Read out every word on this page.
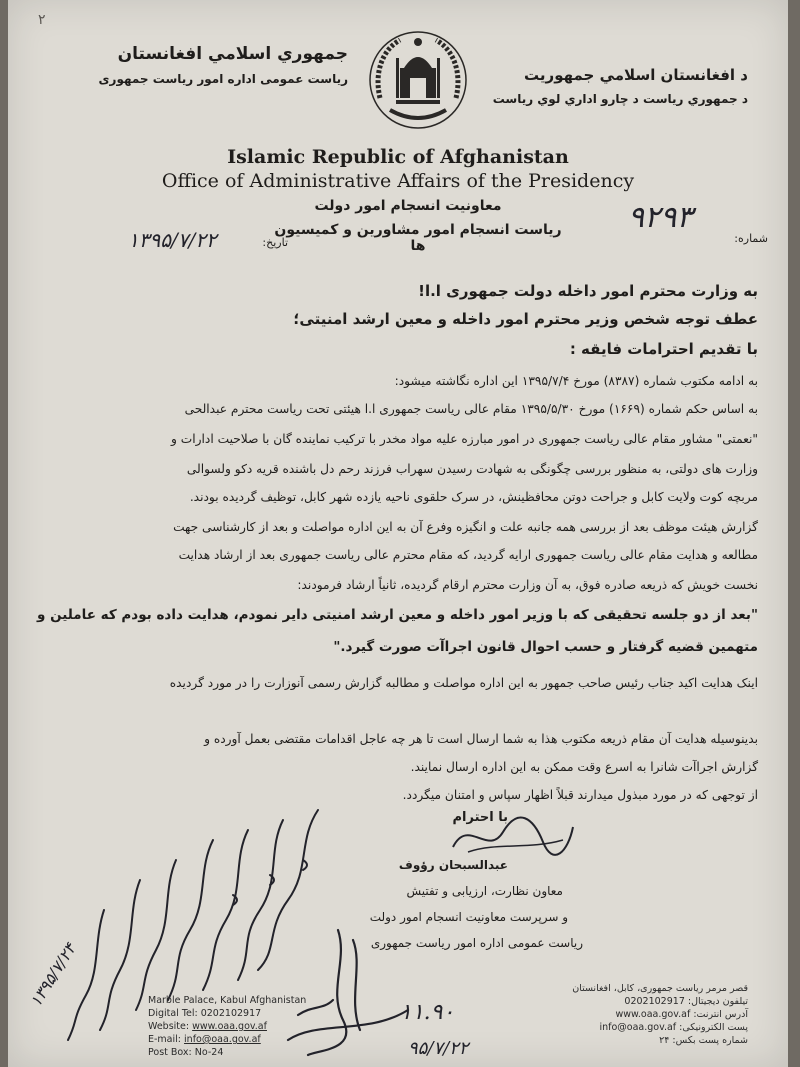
۲
جمهوري اسلامي افغانستان
رياست عمومی اداره امور رياست جمهوری	د افغانستان اسلامي جمهوريت
د جمهوري رياست د چارو اداري لوي رياست
Islamic Republic of Afghanistan
Office of Administrative Affairs of the Presidency
معاونیت انسجام امور دولت
ریاست انسجام امور مشاورین و کمیسیون ها
تاریخ:
۱۳۹۵/۷/۲۲
۹۲۹۳
شماره:
به وزارت محترم امور داخله دولت جمهوری ا.ا!
عطف توجه شخص وزیر محترم امور داخله و معین ارشد امنیتی؛
با تقدیم احترامات فایقه :
به ادامه مکتوب شماره (۸۳۸۷) مورخ ۱۳۹۵/۷/۴ این اداره نگاشته میشود:
به اساس حکم شماره (۱۶۶۹) مورخ ۱۳۹۵/۵/۳۰ مقام عالی ریاست جمهوری ا.ا هیئتی تحت ریاست محترم عبدالحی
"نعمتی" مشاور مقام عالی ریاست جمهوری در امور مبارزه علیه مواد مخدر با ترکیب نماینده گان با صلاحیت ادارات و
وزارت های دولتی، به منظور بررسی چگونگی به شهادت رسیدن سهراب فرزند رحم دل باشنده قریه دکو ولسوالی
مربچه کوت ولایت کابل و جراحت دوتن محافظینش، در سرک حلقوی ناحیه یازده شهر کابل، توظیف گردیده بودند.
گزارش هیئت موظف بعد از بررسی همه جانبه علت و انگیزه وفرع آن به این اداره مواصلت و بعد از کارشناسی جهت
مطالعه و هدایت مقام عالی ریاست جمهوری ارایه گردید، که مقام محترم عالی ریاست جمهوری بعد از ارشاد هدایت
نخست خویش که ذریعه صادره فوق، به آن وزارت محترم ارقام گردیده، ثانیاً ارشاد فرمودند:
"بعد از دو جلسه تحقیقی که با وزیر امور داخله و معین ارشد امنیتی دایر نمودم، هدایت داده بودم که عاملین و
متهمین قضیه گرفتار و حسب احوال قانون اجراآت صورت گیرد."
اینک هدایت اکید جناب رئیس صاحب جمهور به این اداره مواصلت و مطالبه گزارش رسمی آنوزارت را در مورد گردیده
بدینوسیله هدایت آن مقام ذریعه مکتوب هذا به شما ارسال است تا هر چه عاجل اقدامات مقتضی بعمل آورده و
گزارش اجراآت شانرا به اسرع وقت ممکن به این اداره ارسال نمایند.
از توجهی که در مورد مبذول میدارند قبلاً اظهار سپاس و امتنان میگردد.
با احترام
عبدالسبحان رؤوف
معاون نظارت، ارزیابی و تفتیش
و سرپرست معاونیت انسجام امور دولت
ریاست عمومی اداره امور ریاست جمهوری
۱۳۹۵/۷/۲۴
۱۱.۹۰
۹۵/۷/۲۲
Marble Palace, Kabul Afghanistan
Digital Tel: 0202102917
Website: www.oaa.gov.af
E-mail: info@oaa.gov.af
Post Box: No-24
قصر مرمر ریاست جمهوری، کابل، افغانستان
تیلفون دیجیتال: 0202102917
آدرس انترنت: www.oaa.gov.af
پست الکترونیکی: info@oaa.gov.af
شماره پست بکس: ۲۴
